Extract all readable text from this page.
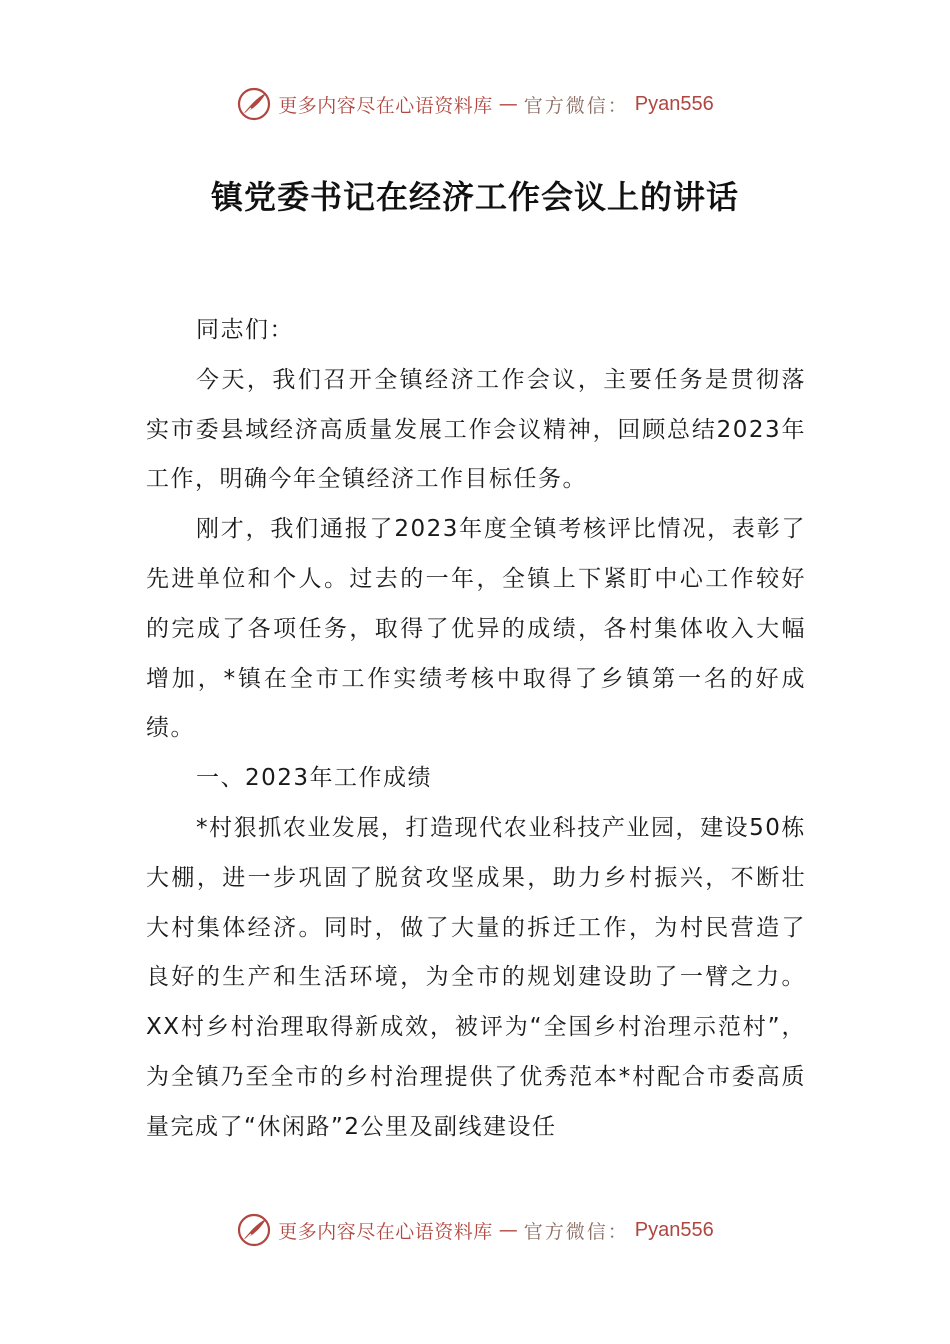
更多内容尽在心语资料库 — 官方微信： Pyan556
镇党委书记在经济工作会议上的讲话

同志们：

今天，我们召开全镇经济工作会议，主要任务是贯彻落实市委县域经济高质量发展工作会议精神，回顾总结2023年工作，明确今年全镇经济工作目标任务。

刚才，我们通报了2023年度全镇考核评比情况，表彰了先进单位和个人。过去的一年，全镇上下紧盯中心工作较好的完成了各项任务，取得了优异的成绩，各村集体收入大幅增加，*镇在全市工作实绩考核中取得了乡镇第一名的好成绩。

一、2023年工作成绩

*村狠抓农业发展，打造现代农业科技产业园，建设50栋大棚，进一步巩固了脱贫攻坚成果，助力乡村振兴，不断壮大村集体经济。同时，做了大量的拆迁工作，为村民营造了良好的生产和生活环境，为全市的规划建设助了一臂之力。XX村乡村治理取得新成效，被评为“全国乡村治理示范村”，为全镇乃至全市的乡村治理提供了优秀范本*村配合市委高质量完成了“休闲路”2公里及副线建设任

更多内容尽在心语资料库 — 官方微信： Pyan556
